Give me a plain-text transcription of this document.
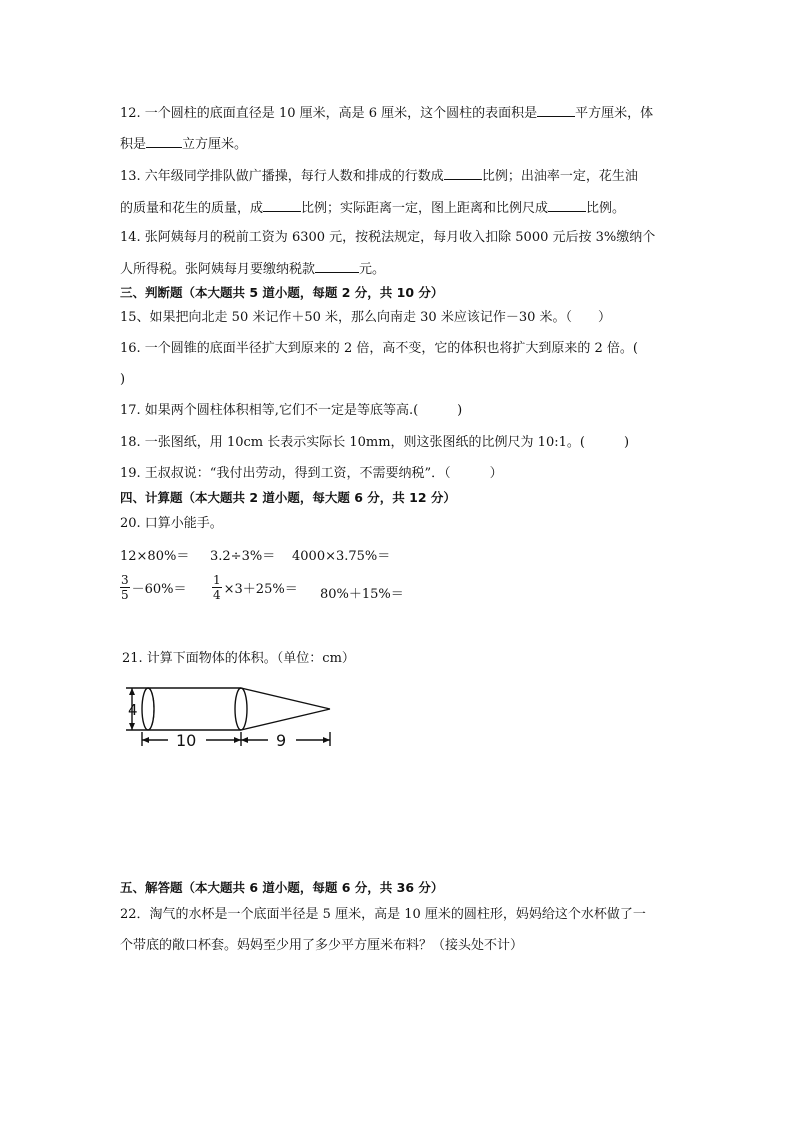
12. 一个圆柱的底面直径是 10 厘米，高是 6 厘米，这个圆柱的表面积是	平方厘米，体
积是	立方厘米。
13. 六年级同学排队做广播操，每行人数和排成的行数成	比例；出油率一定，花生油
的质量和花生的质量，成	比例；实际距离一定，图上距离和比例尺成	比例。
14. 张阿姨每月的税前工资为 6300 元，按税法规定，每月收入扣除 5000 元后按 3%缴纳个
人所得税。张阿姨每月要缴纳税款	元。
三、判断题（本大题共 5 道小题，每题 2 分，共 10 分）
15、如果把向北走 50 米记作＋50 米，那么向南走 30 米应该记作－30 米。（　　）
16. 一个圆锥的底面半径扩大到原来的 2 倍，高不变，它的体积也将扩大到原来的 2 倍。(
)
17. 如果两个圆柱体积相等,它们不一定是等底等高.(　　　)
18. 一张图纸，用 10cm 长表示实际长 10mm，则这张图纸的比例尺为 10:1。(　　　)
19. 王叔叔说：“我付出劳动，得到工资，不需要纳税”．（　　　）
四、计算题（本大题共 2 道小题，每大题 6 分，共 12 分）
20. 口算小能手。
12×80%＝ 3.2÷3%＝ 4000×3.75%＝
$\frac{3}{5} -60\%= \frac{1}{4} \times 3+25\%= 80\%+15\%=$
21. 计算下面物体的体积。（单位：cm）
4
10	9
五、解答题（本大题共 6 道小题，每题 6 分，共 36 分）
22．淘气的水杯是一个底面半径是 5 厘米，高是 10 厘米的圆柱形，妈妈给这个水杯做了一
个带底的敞口杯套。妈妈至少用了多少平方厘米布料？（接头处不计）
